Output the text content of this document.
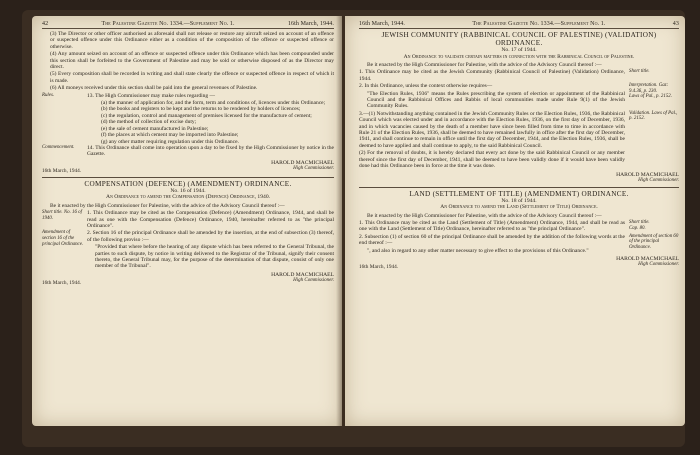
42	The Palestine Gazette No. 1334.—Supplement No. 1.	16th March, 1944.

(3) The Director or other officer authorised as aforesaid shall not release or restore any aircraft seized on account of an offence or suspected offence under this Ordinance either as a condition of the composition of the offence or suspected offence or otherwise.

(4) Any amount seized on account of an offence or suspected offence under this Ordinance which has been compounded under this section shall be forfeited to the Government of Palestine and may be sold or otherwise disposed of as the Director may direct.

(5) Every composition shall be recorded in writing and shall state clearly the offence or suspected offence in respect of which it is made.

(6) All moneys received under this section shall be paid into the general revenues of Palestine.

Rules.	13. The High Commissioner may make rules regarding —

(a) the manner of application for, and the form, term and conditions of, licences under this Ordinance;

(b) the books and registers to be kept and the returns to be rendered by holders of licences;

(c) the regulation, control and management of premises licensed for the manufacture of cement;

(d) the method of collection of excise duty;

(e) the sale of cement manufactured in Palestine;

(f) the places at which cement may be imported into Palestine;

(g) any other matter requiring regulation under this Ordinance.

Commencement.	14. This Ordinance shall come into operation upon a day to be fixed by the High Commissioner by notice in the Gazette.

HAROLD MACMICHAEL
High Commissioner.
16th March, 1944.
COMPENSATION (DEFENCE) (AMENDMENT) ORDINANCE.
No. 16 of 1944.
An Ordinance to amend the Compensation (Defence) Ordinance, 1940.

Be it enacted by the High Commissioner for Palestine, with the advice of the Advisory Council thereof :—

Short title. No. 16 of 1940.

1. This Ordinance may be cited as the Compensation (Defence) (Amendment) Ordinance, 1944, and shall be read as one with the Compensation (Defence) Ordinance, 1940, hereinafter referred to as "the principal Ordinance".

Amendment of section 16 of the principal Ordinance.

2. Section 16 of the principal Ordinance shall be amended by the insertion, at the end of subsection (3) thereof, of the following proviso :—

"Provided that where before the hearing of any dispute which has been referred to the General Tribunal, the parties to such dispute, by notice in writing delivered to the Registrar of the Tribunal, signify their consent thereto, the General Tribunal may, for the purpose of the determination of that dispute, consist of only one member of the Tribunal".

HAROLD MACMICHAEL
High Commissioner.
16th March, 1944.
16th March, 1944.	The Palestine Gazette No. 1334.—Supplement No. 1.	43
JEWISH COMMUNITY (RABBINICAL COUNCIL OF PALESTINE) (VALIDATION) ORDINANCE.
No. 17 of 1944.
An Ordinance to validate certain matters in connection with the Rabbinical Council of Palestine.

Be it enacted by the High Commissioner for Palestine, with the advice of the Advisory Council thereof :—

Short title.

1. This Ordinance may be cited as the Jewish Community (Rabbinical Council of Palestine) (Validation) Ordinance, 1944.

Interpretation. Gaz: 9.4.36, p. 230.
Laws of Pal., p. 2152.

2. In this Ordinance, unless the context otherwise requires—

"The Election Rules, 1936" means the Rules prescribing the system of election or appointment of the Rabbinical Council and the Rabbinical Offices and Rabbis of local communities made under Rule 9(1) of the Jewish Community Rules.

Validation. Laws of Pal., p. 2152.

3.—(1) Notwithstanding anything contained in the Jewish Community Rules or the Election Rules, 1936, the Rabbinical Council which was elected under and in accordance with the Election Rules, 1936, on the first day of December, 1936, and in which vacancies caused by the death of a member have since been filled from time to time in accordance with Rule 21 of the Election Rules, 1936, shall be deemed to have remained lawfully in office after the first day of December, 1941, and shall continue to remain in office until the first day of December, 1944, and the Election Rules, 1936, shall be deemed to have applied and shall continue to apply, to the said Rabbinical Council.

(2) For the removal of doubts, it is hereby declared that every act done by the said Rabbinical Council or any member thereof since the first day of December, 1941, shall be deemed to have been validly done if it would have been validly done had this Ordinance been in force at the time it was done.

HAROLD MACMICHAEL
High Commissioner.
LAND (SETTLEMENT OF TITLE) (AMENDMENT) ORDINANCE.
No. 18 of 1944.
An Ordinance to amend the Land (Settlement of Title) Ordinance.

Be it enacted by the High Commissioner for Palestine, with the advice of the Advisory Council thereof :—

Short title.
Cap. 80.

1. This Ordinance may be cited as the Land (Settlement of Title) (Amendment) Ordinance, 1944, and shall be read as one with the Land (Settlement of Title) Ordinance, hereinafter referred to as "the principal Ordinance".

Amendment of section 60 of the principal Ordinance.

2. Subsection (1) of section 60 of the principal Ordinance shall be amended by the addition of the following words at the end thereof :—

", and also in regard to any other matter necessary to give effect to the provisions of this Ordinance."

HAROLD MACMICHAEL
High Commissioner.
16th March, 1944.
